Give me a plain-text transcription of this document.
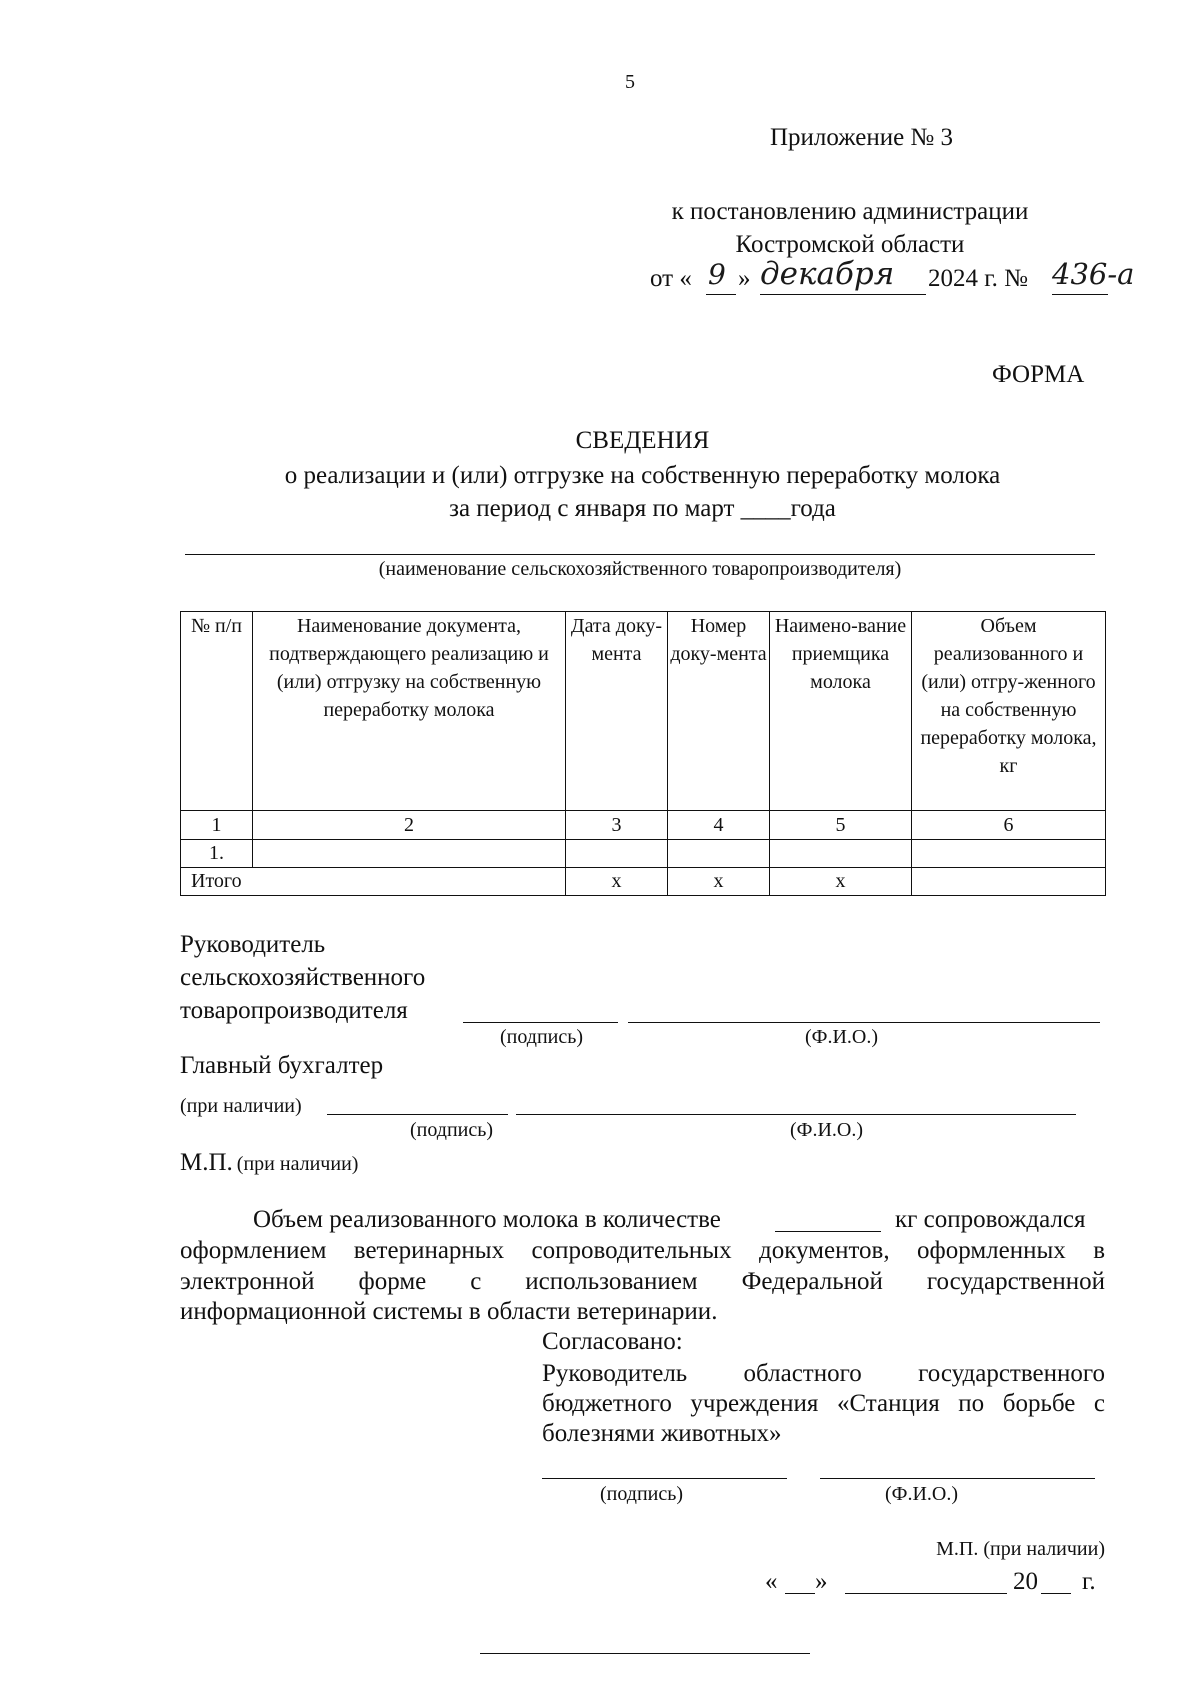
5
Приложение № 3
к постановлению администрации
Костромской области
от « 9 » декабря 2024 г. № 436-а
ФОРМА
СВЕДЕНИЯ
о реализации и (или) отгрузке на собственную переработку молока
за период с января по март ____года
(наименование сельскохозяйственного товаропроизводителя)
№ п/п	Наименование документа, подтверждающего реализацию и (или) отгрузку на собственную переработку молока	Дата доку-мента	Номер доку-мента	Наимено-вание приемщика молока	Объем реализованного и (или) отгру-женного на собственную переработку молока, кг
1	2	3	4	5	6
1.					
Итого		х	х	х	
Руководитель
сельскохозяйственного
товаропроизводителя
(подпись)	(Ф.И.О.)
Главный бухгалтер
(при наличии)
(подпись)	(Ф.И.О.)
М.П. (при наличии)
Объем реализованного молока в количестве	кг сопровождался
оформлением ветеринарных сопроводительных документов, оформленных в
электронной форме с использованием Федеральной государственной
информационной системы в области ветеринарии.
Согласовано:
Руководитель областного государственного
бюджетного учреждения «Станция по борьбе с
болезнями животных»
(подпись)	(Ф.И.О.)
М.П. (при наличии)
« »	20 г.
